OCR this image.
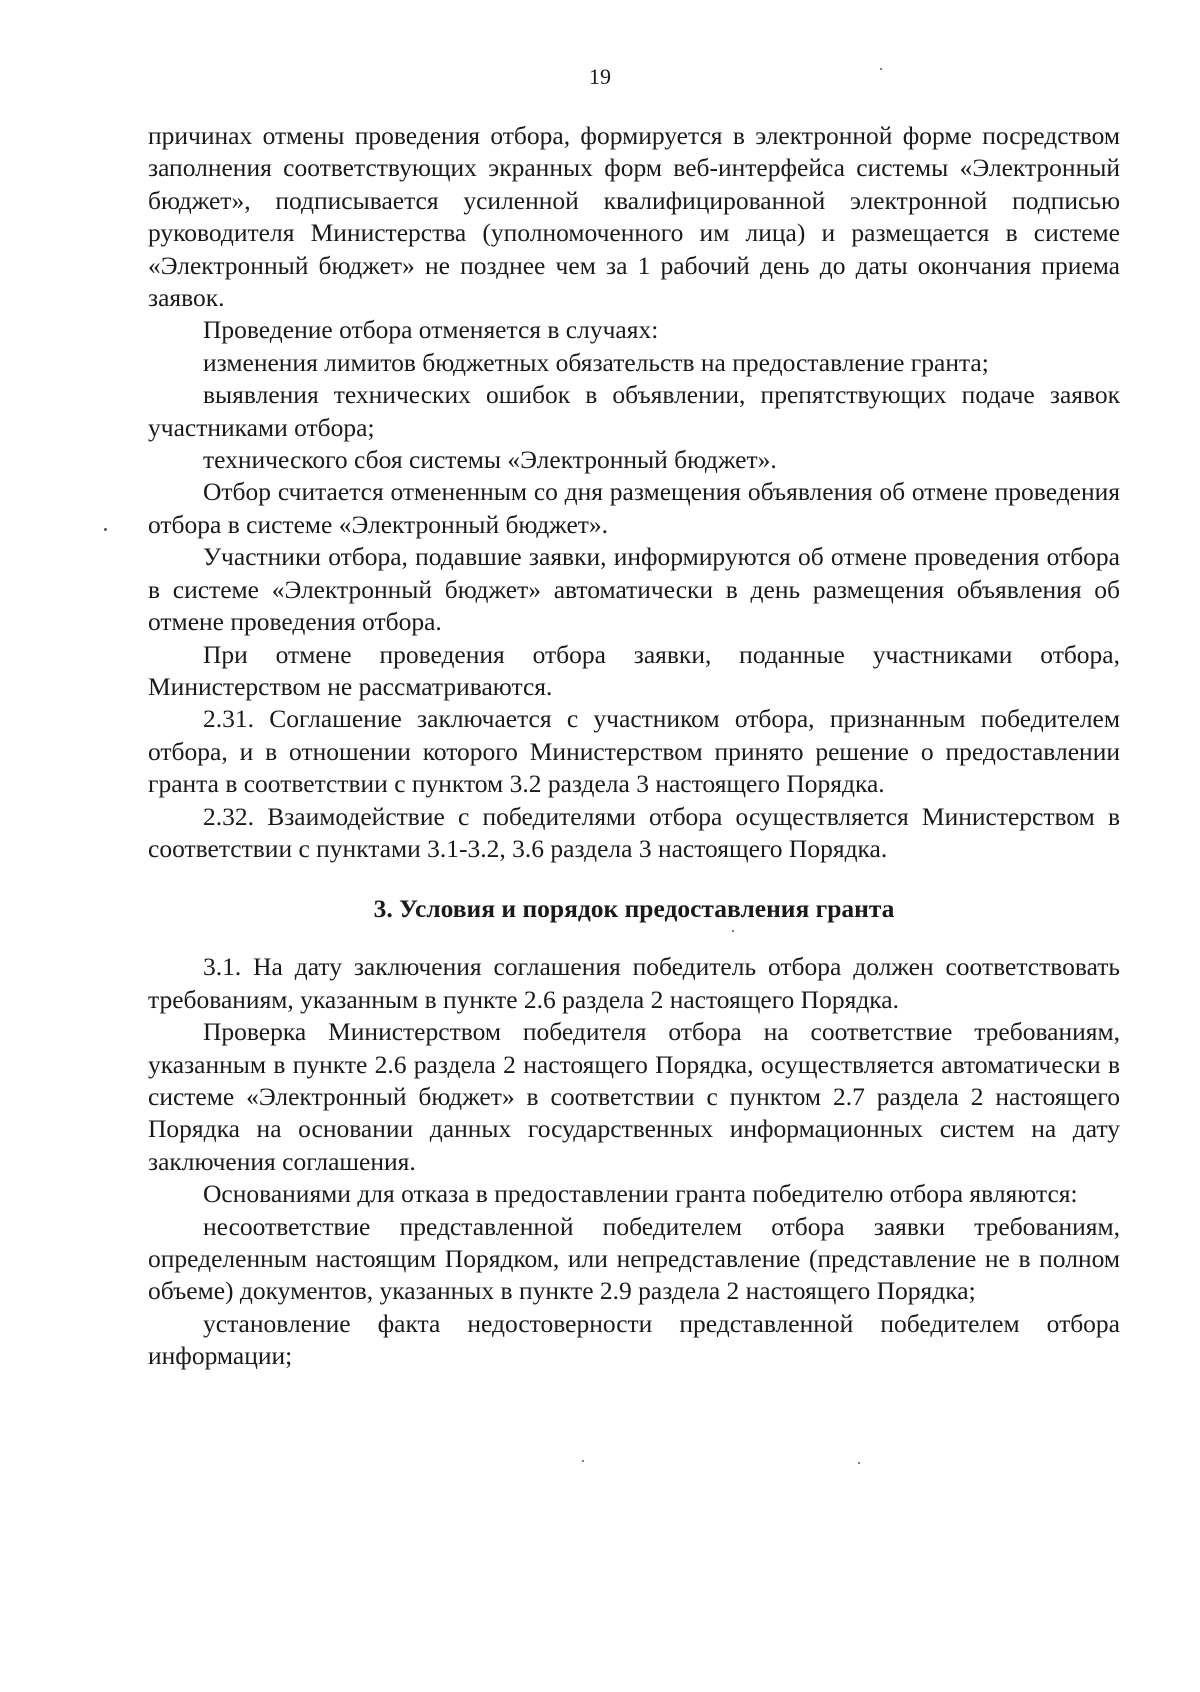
19

причинах отмены проведения отбора, формируется в электронной форме посредством заполнения соответствующих экранных форм веб-интерфейса системы «Электронный бюджет», подписывается усиленной квалифицированной электронной подписью руководителя Министерства (уполномоченного им лица) и размещается в системе «Электронный бюджет» не позднее чем за 1 рабочий день до даты окончания приема заявок.

Проведение отбора отменяется в случаях:

изменения лимитов бюджетных обязательств на предоставление гранта;

выявления технических ошибок в объявлении, препятствующих подаче заявок участниками отбора;

технического сбоя системы «Электронный бюджет».

Отбор считается отмененным со дня размещения объявления об отмене проведения отбора в системе «Электронный бюджет».

Участники отбора, подавшие заявки, информируются об отмене проведения отбора в системе «Электронный бюджет» автоматически в день размещения объявления об отмене проведения отбора.

При отмене проведения отбора заявки, поданные участниками отбора, Министерством не рассматриваются.

2.31. Соглашение заключается с участником отбора, признанным победителем отбора, и в отношении которого Министерством принято решение о предоставлении гранта в соответствии с пунктом 3.2 раздела 3 настоящего Порядка.

2.32. Взаимодействие с победителями отбора осуществляется Министерством в соответствии с пунктами 3.1-3.2, 3.6 раздела 3 настоящего Порядка.

3. Условия и порядок предоставления гранта

3.1. На дату заключения соглашения победитель отбора должен соответствовать требованиям, указанным в пункте 2.6 раздела 2 настоящего Порядка.

Проверка Министерством победителя отбора на соответствие требованиям, указанным в пункте 2.6 раздела 2 настоящего Порядка, осуществляется автоматически в системе «Электронный бюджет» в соответствии с пунктом 2.7 раздела 2 настоящего Порядка на основании данных государственных информационных систем на дату заключения соглашения.

Основаниями для отказа в предоставлении гранта победителю отбора являются:

несоответствие представленной победителем отбора заявки требованиям, определенным настоящим Порядком, или непредставление (представление не в полном объеме) документов, указанных в пункте 2.9 раздела 2 настоящего Порядка;

установление факта недостоверности представленной победителем отбора информации;
